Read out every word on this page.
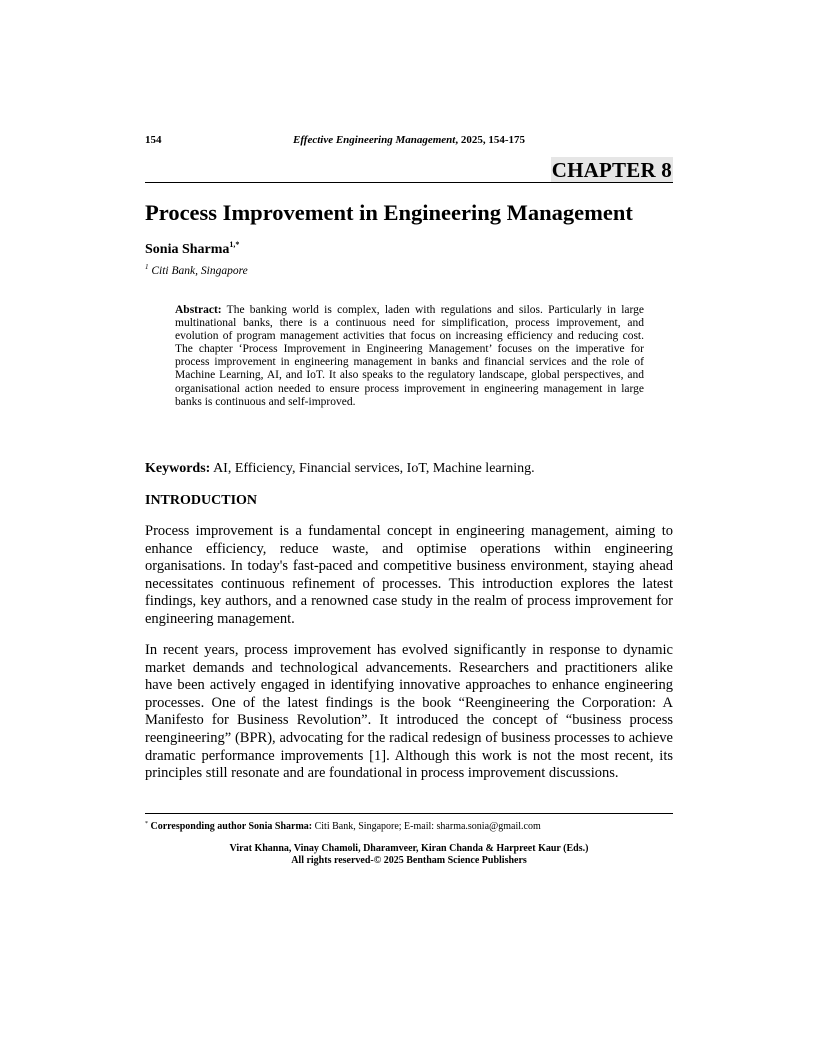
154	Effective Engineering Management, 2025, 154-175
CHAPTER 8
Process Improvement in Engineering Management
Sonia Sharma$^{1,*}$
$^1$ Citi Bank, Singapore
Abstract: The banking world is complex, laden with regulations and silos. Particularly in large multinational banks, there is a continuous need for simplification, process improvement, and evolution of program management activities that focus on increasing efficiency and reducing cost. The chapter ‘Process Improvement in Engineering Management’ focuses on the imperative for process improvement in engineering management in banks and financial services and the role of Machine Learning, AI, and IoT. It also speaks to the regulatory landscape, global perspectives, and organisational action needed to ensure process improvement in engineering management in large banks is continuous and self-improved.
Keywords: AI, Efficiency, Financial services, IoT, Machine learning.
INTRODUCTION
Process improvement is a fundamental concept in engineering management, aiming to enhance efficiency, reduce waste, and optimise operations within engineering organisations. In today's fast-paced and competitive business environment, staying ahead necessitates continuous refinement of processes. This introduction explores the latest findings, key authors, and a renowned case study in the realm of process improvement for engineering management.
In recent years, process improvement has evolved significantly in response to dynamic market demands and technological advancements. Researchers and practitioners alike have been actively engaged in identifying innovative approaches to enhance engineering processes. One of the latest findings is the book “Reengineering the Corporation: A Manifesto for Business Revolution”. It introduced the concept of “business process reengineering” (BPR), advocating for the radical redesign of business processes to achieve dramatic performance improvements [1]. Although this work is not the most recent, its principles still resonate and are foundational in process improvement discussions.
* Corresponding author Sonia Sharma: Citi Bank, Singapore; E-mail: sharma.sonia@gmail.com
Virat Khanna, Vinay Chamoli, Dharamveer, Kiran Chanda & Harpreet Kaur (Eds.)
All rights reserved-© 2025 Bentham Science Publishers
